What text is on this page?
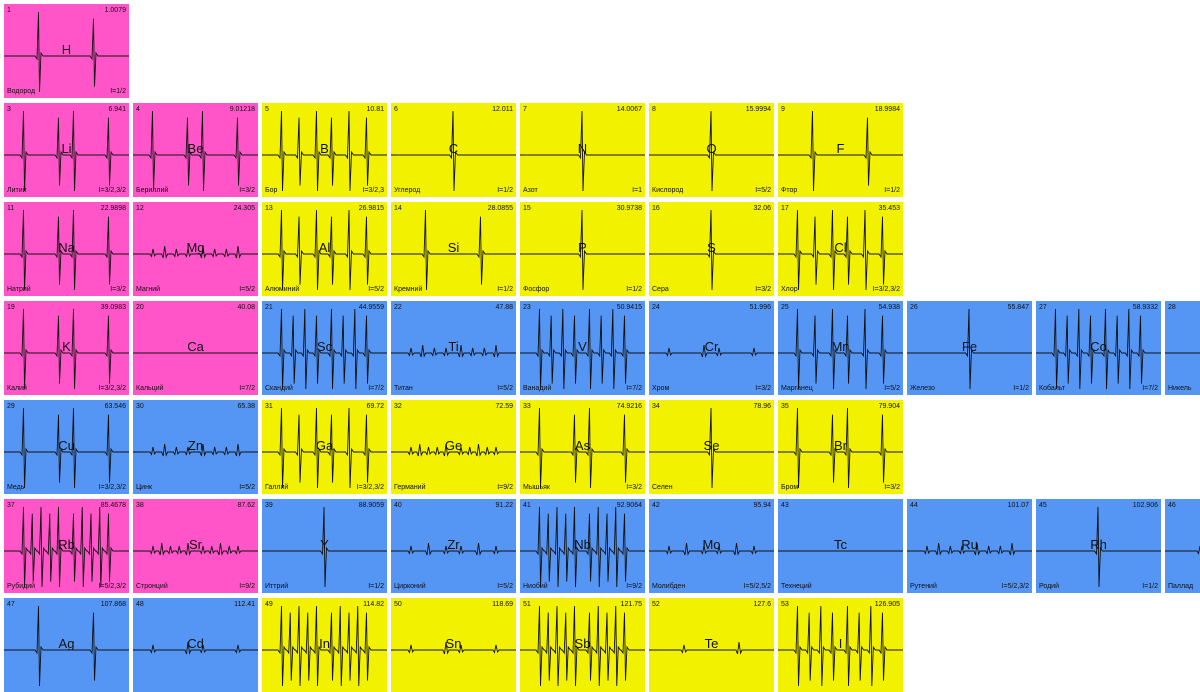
1	1.0079
H
Водород	I=1/2
3	6.941
Li
Литий	I=3/2,3/2
4	9.01218
Be
Бериллий	I=3/2
5	10.81
B
Бор	I=3/2,3
6	12.011
C
Углерод	I=1/2
7	14.0067
N
Азот	I=1
8	15.9994
O
Кислород	I=5/2
9	18.9984
F
Фтор	I=1/2
11	22.9898
Na
Натрий	I=3/2
12	24.305
Mg
Магний	I=5/2
13	26.9815
Al
Алюминий	I=5/2
14	28.0855
Si
Кремний	I=1/2
15	30.9738
P
Фосфор	I=1/2
16	32.06
S
Сера	I=3/2
17	35.453
Cl
Хлор	I=3/2,3/2
19	39.0983
K
Калий	I=3/2,3/2
20	40.08
Ca
Кальций	I=7/2
21	44.9559
Sc
Скандий	I=7/2
22	47.88
Ti
Титан	I=5/2
23	50.9415
V
Ванадий	I=7/2
24	51.996
Cr
Хром	I=3/2
25	54.938
Mn
Марганец	I=5/2
26	55.847
Fe
Железо	I=1/2
27	58.9332
Co
Кобальт	I=7/2
28
Никель
29	63.546
Cu
Медь	I=3/2,3/2
30	65.38
Zn
Цинк	I=5/2
31	69.72
Ga
Галлий	I=3/2,3/2
32	72.59
Ge
Германий	I=9/2
33	74.9216
As
Мышьяк	I=3/2
34	78.96
Se
Селен
35	79.904
Br
Бром	I=3/2
37	85.4678
Rb
Рубидий	I=5/2,3/2
38	87.62
Sr
Стронций	I=9/2
39	88.9059
Y
Иттрий	I=1/2
40	91.22
Zr
Цирконий	I=5/2
41	92.9064
Nb
Ниобий	I=9/2
42	95.94
Mo
Молибден	I=5/2,5/2
43
Tc
Технеций
44	101.07
Ru
Рутений	I=5/2,3/2
45	102.906
Rh
Родий	I=1/2
46
Паллад
47	107.868
Ag
48	112.41
Cd
49	114.82
In
50	118.69
Sn
51	121.75
Sb
52	127.6
Te
53	126.905
I
